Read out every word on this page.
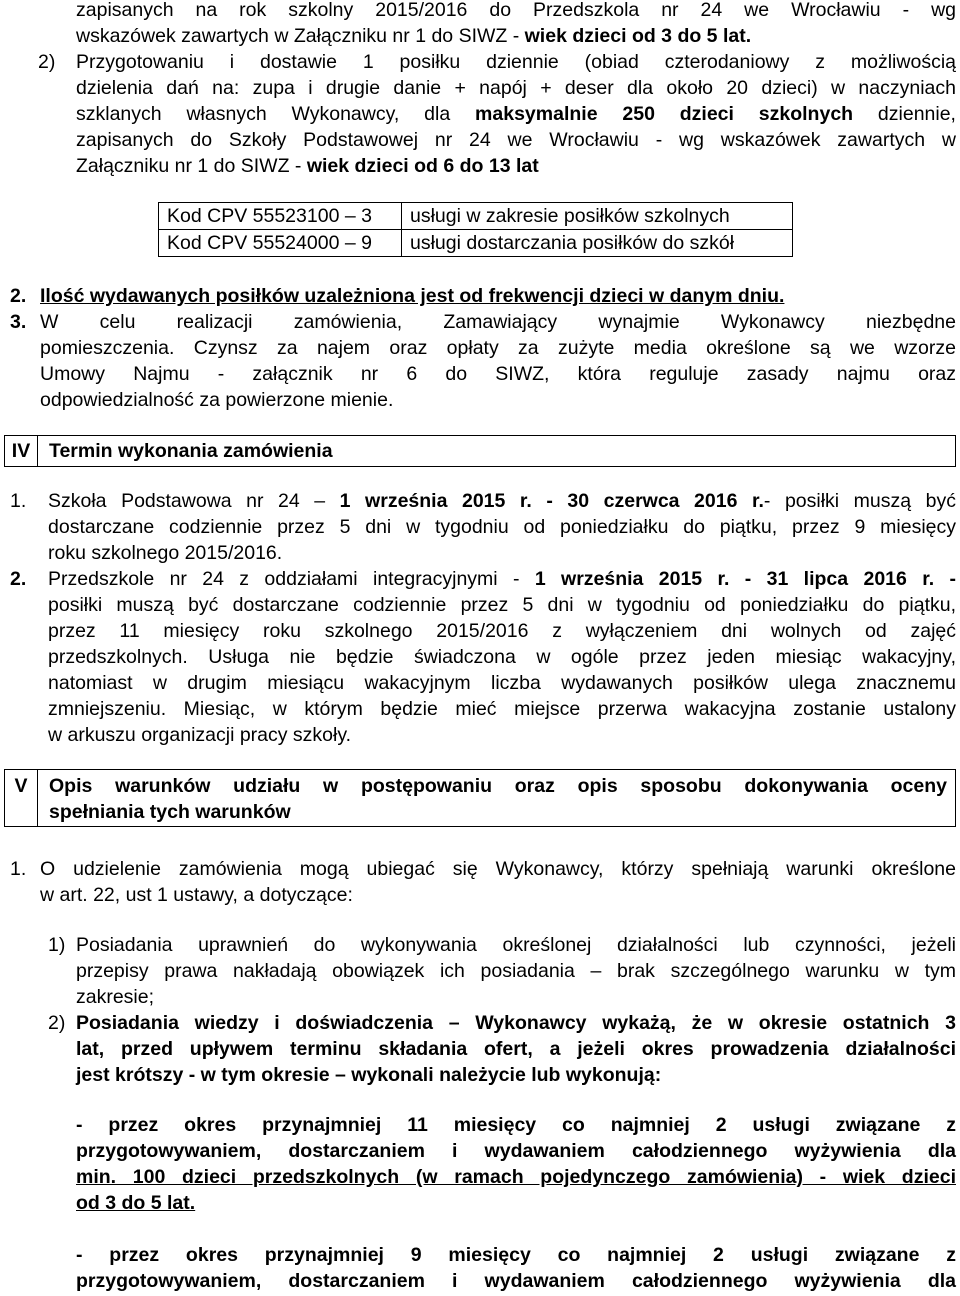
zapisanych na rok szkolny 2015/2016 do Przedszkola nr 24 we Wrocławiu - wg
wskazówek zawartych w Załączniku nr 1 do SIWZ - wiek dzieci od 3 do 5 lat.
2) Przygotowaniu i dostawie 1 posiłku dziennie (obiad czterodaniowy z możliwością
dzielenia dań na: zupa i drugie danie + napój + deser dla około 20 dzieci) w naczyniach
szklanych własnych Wykonawcy, dla maksymalnie 250 dzieci szkolnych dziennie,
zapisanych do Szkoły Podstawowej nr 24 we Wrocławiu - wg wskazówek zawartych w
Załączniku nr 1 do SIWZ - wiek dzieci od 6 do 13 lat
Kod CPV 55523100 – 3	usługi w zakresie posiłków szkolnych
Kod CPV 55524000 – 9	usługi dostarczania posiłków do szkół
2. Ilość wydawanych posiłków uzależniona jest od frekwencji dzieci w danym dniu.
3. W celu realizacji zamówienia, Zamawiający wynajmie Wykonawcy niezbędne
pomieszczenia. Czynsz za najem oraz opłaty za zużyte media określone są we wzorze
Umowy Najmu - załącznik nr 6 do SIWZ, która reguluje zasady najmu oraz
odpowiedzialność za powierzone mienie.
IV Termin wykonania zamówienia
1. Szkoła Podstawowa nr 24 – 1 września 2015 r. - 30 czerwca 2016 r.- posiłki muszą być
dostarczane codziennie przez 5 dni w tygodniu od poniedziałku do piątku, przez 9 miesięcy
roku szkolnego 2015/2016.
2. Przedszkole nr 24 z oddziałami integracyjnymi - 1 września 2015 r. - 31 lipca 2016 r. -
posiłki muszą być dostarczane codziennie przez 5 dni w tygodniu od poniedziałku do piątku,
przez 11 miesięcy roku szkolnego 2015/2016 z wyłączeniem dni wolnych od zajęć
przedszkolnych. Usługa nie będzie świadczona w ogóle przez jeden miesiąc wakacyjny,
natomiast w drugim miesiącu wakacyjnym liczba wydawanych posiłków ulega znacznemu
zmniejszeniu. Miesiąc, w którym będzie mieć miejsce przerwa wakacyjna zostanie ustalony
w arkuszu organizacji pracy szkoły.
V	Opis warunków udziału w postępowaniu oraz opis sposobu dokonywania oceny
spełniania tych warunków
1. O udzielenie zamówienia mogą ubiegać się Wykonawcy, którzy spełniają warunki określone
w art. 22, ust 1 ustawy, a dotyczące:
1) Posiadania uprawnień do wykonywania określonej działalności lub czynności, jeżeli
przepisy prawa nakładają obowiązek ich posiadania – brak szczególnego warunku w tym
zakresie;
2) Posiadania wiedzy i doświadczenia – Wykonawcy wykażą, że w okresie ostatnich 3
lat, przed upływem terminu składania ofert, a jeżeli okres prowadzenia działalności
jest krótszy - w tym okresie – wykonali należycie lub wykonują:
- przez okres przynajmniej 11 miesięcy co najmniej 2 usługi związane z
przygotowywaniem, dostarczaniem i wydawaniem całodziennego wyżywienia dla
min. 100 dzieci przedszkolnych (w ramach pojedynczego zamówienia) - wiek dzieci
od 3 do 5 lat.
- przez okres przynajmniej 9 miesięcy co najmniej 2 usługi związane z
przygotowywaniem, dostarczaniem i wydawaniem całodziennego wyżywienia dla
